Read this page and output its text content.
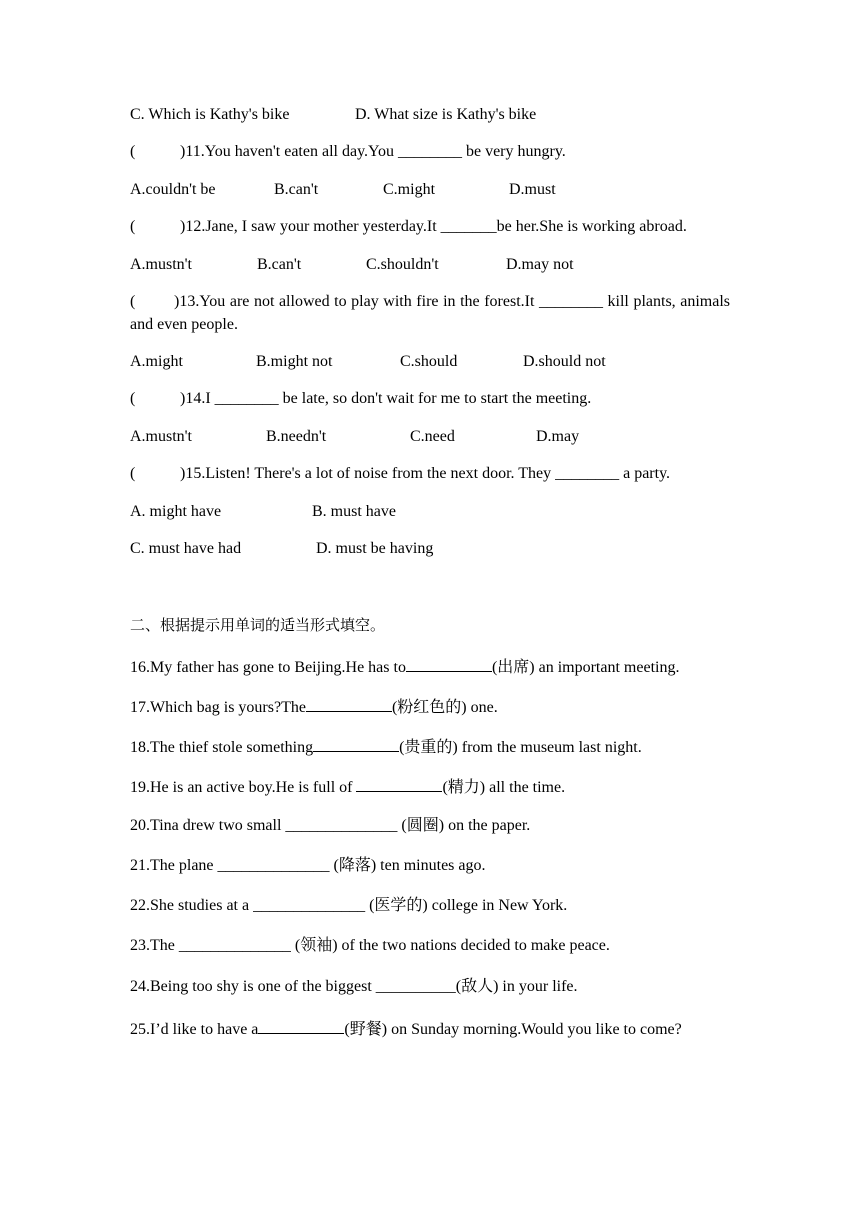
C. Which is Kathy's bike	D. What size is Kathy's bike
(	)11.You haven't eaten all day.You ________ be very hungry.
A.couldn't be	B.can't	C.might	D.must
(	)12.Jane, I saw your mother yesterday.It _______be her.She is working abroad.
A.mustn't	B.can't	C.shouldn't	D.may not
( )13.You are not allowed to play with fire in the forest.It ________ kill plants, animals and even people.
A.might	B.might not	C.should	D.should not
(	)14.I ________ be late, so don't wait for me to start the meeting.
A.mustn't	B.needn't	C.need	D.may
(	)15.Listen! There's a lot of noise from the next door. They ________ a party.
A. might have	B. must have
C. must have had	D. must be having
二、根据提示用单词的适当形式填空。
16.My father has gone to Beijing.He has to	(出席) an important meeting.
17.Which bag is yours?The	(粉红色的) one.
18.The thief stole something	(贵重的) from the museum last night.
19.He is an active boy.He is full of	(精力) all the time.
20.Tina drew two small ______________ (圆圈) on the paper.
21.The plane ______________ (降落) ten minutes ago.
22.She studies at a ______________ (医学的) college in New York.
23.The ______________ (领袖) of the two nations decided to make peace.
24.Being too shy is one of the biggest __________(敌人) in your life.
25.I’d like to have a	(野餐) on Sunday morning.Would you like to come?
